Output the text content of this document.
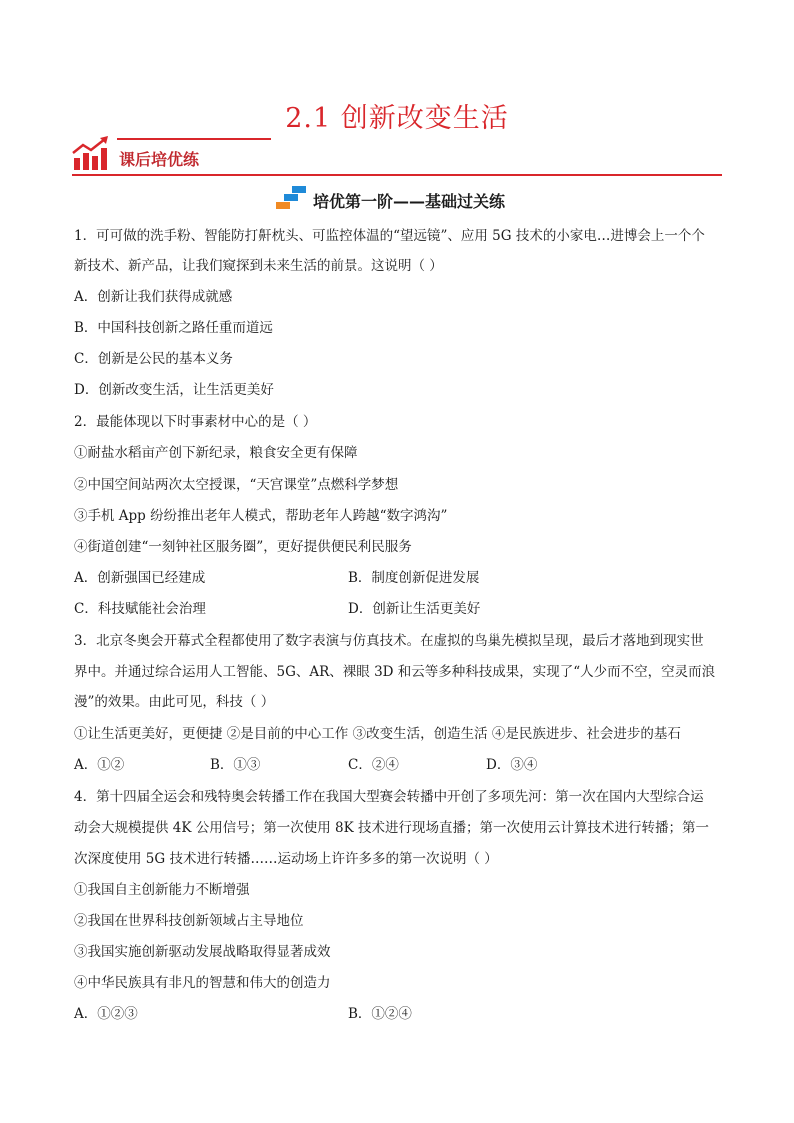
2.1 创新改变生活
课后培优练
培优第一阶——基础过关练
1．可可做的洗手粉、智能防打鼾枕头、可监控体温的“望远镜”、应用 5G 技术的小家电…进博会上一个个
新技术、新产品，让我们窥探到未来生活的前景。这说明（ ）
A．创新让我们获得成就感
B．中国科技创新之路任重而道远
C．创新是公民的基本义务
D．创新改变生活，让生活更美好
2．最能体现以下时事素材中心的是（ ）
①耐盐水稻亩产创下新纪录，粮食安全更有保障
②中国空间站两次太空授课，“天宫课堂”点燃科学梦想
③手机 App 纷纷推出老年人模式，帮助老年人跨越“数字鸿沟”
④街道创建“一刻钟社区服务圈”，更好提供便民利民服务
A．创新强国已经建成	B．制度创新促进发展
C．科技赋能社会治理	D．创新让生活更美好
3．北京冬奥会开幕式全程都使用了数字表演与仿真技术。在虚拟的鸟巢先模拟呈现，最后才落地到现实世
界中。并通过综合运用人工智能、5G、AR、裸眼 3D 和云等多种科技成果，实现了“人少而不空，空灵而浪
漫”的效果。由此可见，科技（ ）
①让生活更美好，更便捷 ②是目前的中心工作 ③改变生活，创造生活 ④是民族进步、社会进步的基石
A．①②	B．①③	C．②④	D．③④
4．第十四届全运会和残特奥会转播工作在我国大型赛会转播中开创了多项先河：第一次在国内大型综合运
动会大规模提供 4K 公用信号；第一次使用 8K 技术进行现场直播；第一次使用云计算技术进行转播；第一
次深度使用 5G 技术进行转播……运动场上许许多多的第一次说明（ ）
①我国自主创新能力不断增强
②我国在世界科技创新领域占主导地位
③我国实施创新驱动发展战略取得显著成效
④中华民族具有非凡的智慧和伟大的创造力
A．①②③	B．①②④
